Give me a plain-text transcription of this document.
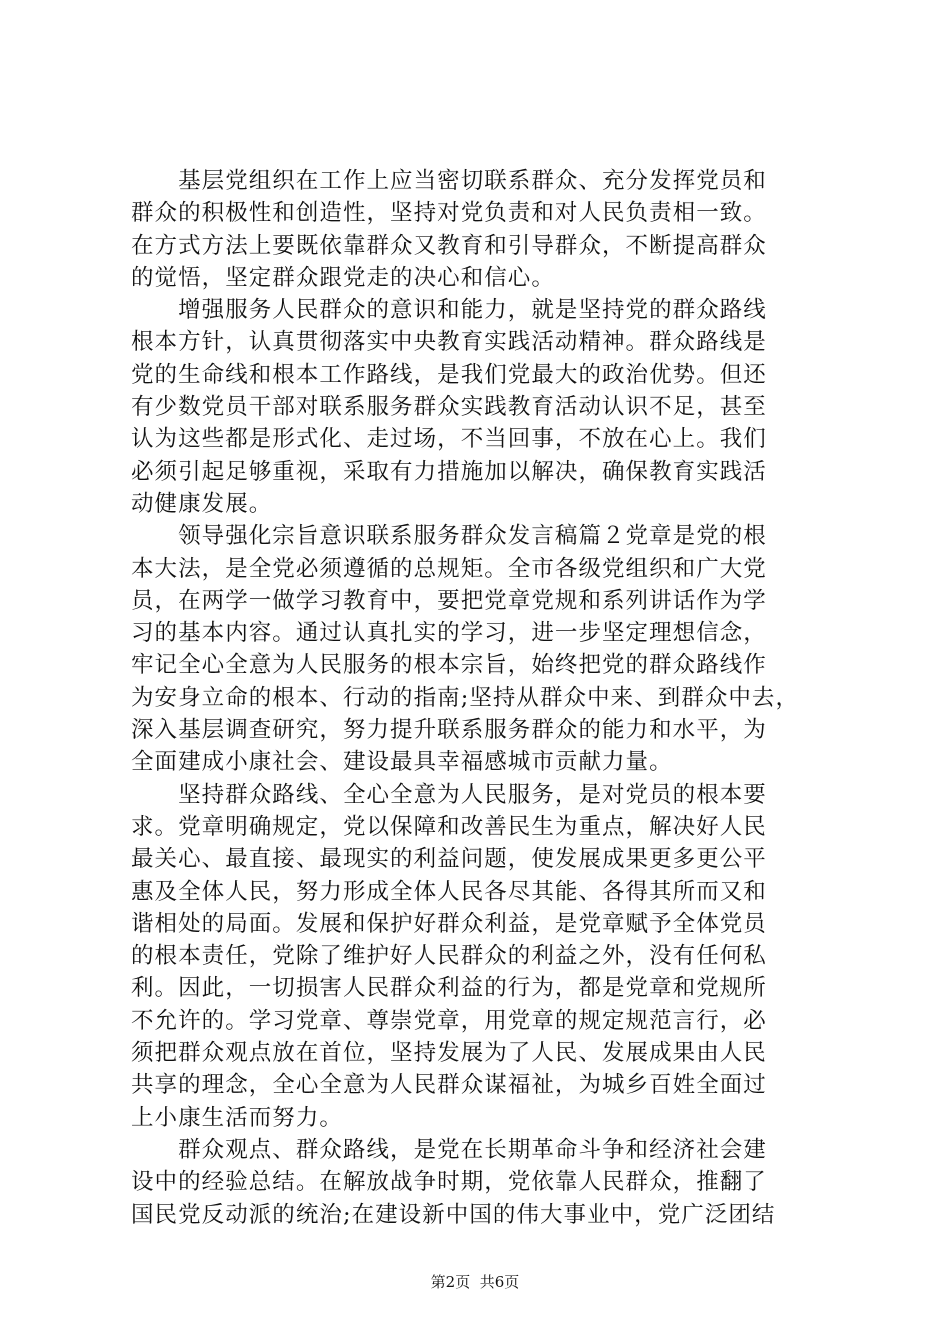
　　基层党组织在工作上应当密切联系群众、充分发挥党员和
群众的积极性和创造性，坚持对党负责和对人民负责相一致。
在方式方法上要既依靠群众又教育和引导群众，不断提高群众
的觉悟，坚定群众跟党走的决心和信心。
　　增强服务人民群众的意识和能力，就是坚持党的群众路线
根本方针，认真贯彻落实中央教育实践活动精神。群众路线是
党的生命线和根本工作路线，是我们党最大的政治优势。但还
有少数党员干部对联系服务群众实践教育活动认识不足，甚至
认为这些都是形式化、走过场，不当回事，不放在心上。我们
必须引起足够重视，采取有力措施加以解决，确保教育实践活
动健康发展。
　　领导强化宗旨意识联系服务群众发言稿篇２党章是党的根
本大法，是全党必须遵循的总规矩。全市各级党组织和广大党
员，在两学一做学习教育中，要把党章党规和系列讲话作为学
习的基本内容。通过认真扎实的学习，进一步坚定理想信念，
牢记全心全意为人民服务的根本宗旨，始终把党的群众路线作
为安身立命的根本、行动的指南;坚持从群众中来、到群众中去，
深入基层调查研究，努力提升联系服务群众的能力和水平，为
全面建成小康社会、建设最具幸福感城市贡献力量。
　　坚持群众路线、全心全意为人民服务，是对党员的根本要
求。党章明确规定，党以保障和改善民生为重点，解决好人民
最关心、最直接、最现实的利益问题，使发展成果更多更公平
惠及全体人民，努力形成全体人民各尽其能、各得其所而又和
谐相处的局面。发展和保护好群众利益，是党章赋予全体党员
的根本责任，党除了维护好人民群众的利益之外，没有任何私
利。因此，一切损害人民群众利益的行为，都是党章和党规所
不允许的。学习党章、尊崇党章，用党章的规定规范言行，必
须把群众观点放在首位，坚持发展为了人民、发展成果由人民
共享的理念，全心全意为人民群众谋福祉，为城乡百姓全面过
上小康生活而努力。
　　群众观点、群众路线，是党在长期革命斗争和经济社会建
设中的经验总结。在解放战争时期，党依靠人民群众，推翻了
国民党反动派的统治;在建设新中国的伟大事业中，党广泛团结
第2页 共6页
